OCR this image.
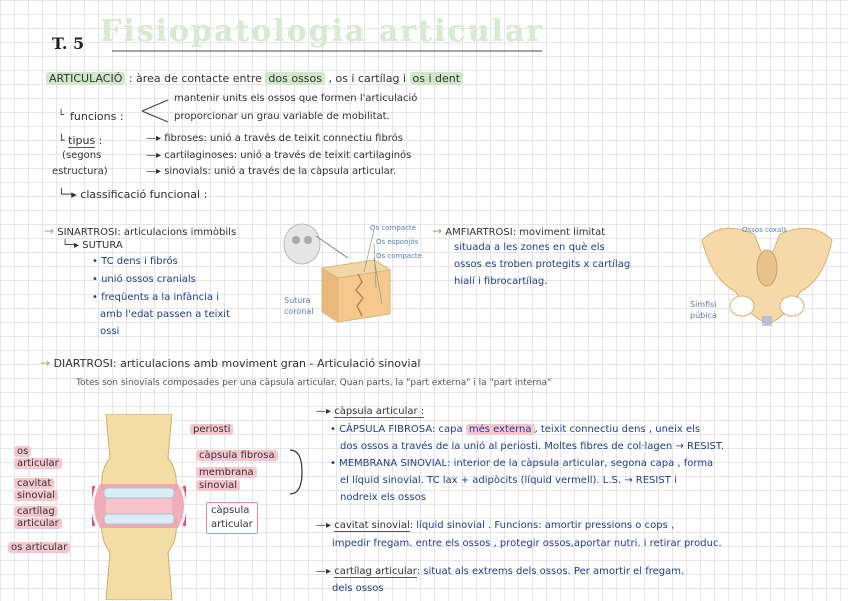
T. 5 Fisiopatologia articular
ARTICULACIÓ : àrea de contacte entre dos ossos , os i cartílag i os i dent
└ funcions :
mantenir units els ossos que formen l'articulació
proporcionar un grau variable de mobilitat.
└ tipus :
(segons
estructura)
—▸ fibroses: unió a través de teixit connectiu fibrós
—▸ cartilaginoses: unió a través de teixit cartilaginós
—▸ sinovials: unió a través de la càpsula articular.
└─▸ classificació funcional :
→ SINARTROSI: articulacions immòbils
└─▸ SUTURA
• TC dens i fibrós
• unió ossos cranials
• freqüents a la infància i
amb l'edat passen a teixit
ossi
Os compacte
Os esponjós
Os compacte
Sutura
coronal
→ AMFIARTROSI: moviment limitat
situada a les zones en què els
ossos es troben protegits x cartílag
hialí i fibrocartílag.
Ossos coxals
Símfisi
púbica
→ DIARTROSI: articulacions amb moviment gran - Articulació sinovial
Totes son sinovials composades per una càpsula articular. Quan parts, la "part externa" i la "part interna"
os
articular
cavitat
sinovial
cartílag
articular
os articular
periosti
càpsula fibrosa
membrana
sinovial
càpsula
articular
—▸ càpsula articular :
• CÀPSULA FIBROSA: capa més externa , teixit connectiu dens , uneix els
dos ossos a través de la unió al periosti. Moltes fibres de col·lagen → RESIST.
• MEMBRANA SINOVIAL: interior de la càpsula articular, segona capa , forma
el líquid sinovial. TC lax + adipòcits (líquid vermell). L.S. → RESIST i
nodreix els ossos
—▸ cavitat sinovial: líquid sinovial . Funcions: amortir pressions o cops ,
impedir fregam. entre els ossos , protegir ossos,aportar nutri. i retirar produc.
—▸ cartílag articular: situat als extrems dels ossos. Per amortir el fregam.
dels ossos
